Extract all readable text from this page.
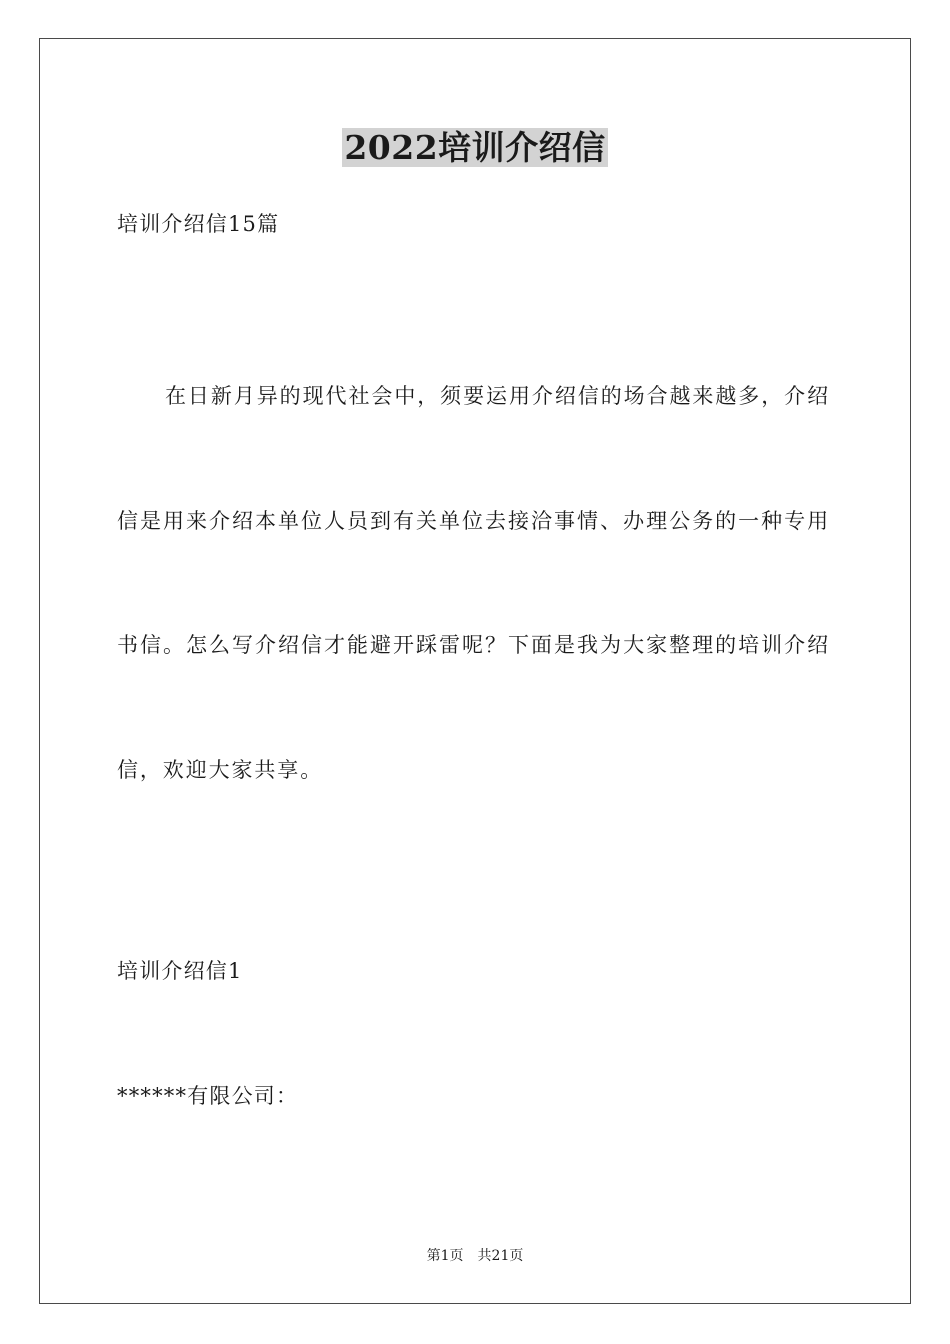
2022培训介绍信

培训介绍信15篇

在日新月异的现代社会中，须要运用介绍信的场合越来越多，介绍信是用来介绍本单位人员到有关单位去接洽事情、办理公务的一种专用书信。怎么写介绍信才能避开踩雷呢？下面是我为大家整理的培训介绍信，欢迎大家共享。

培训介绍信1

******有限公司：

第1页 共21页
